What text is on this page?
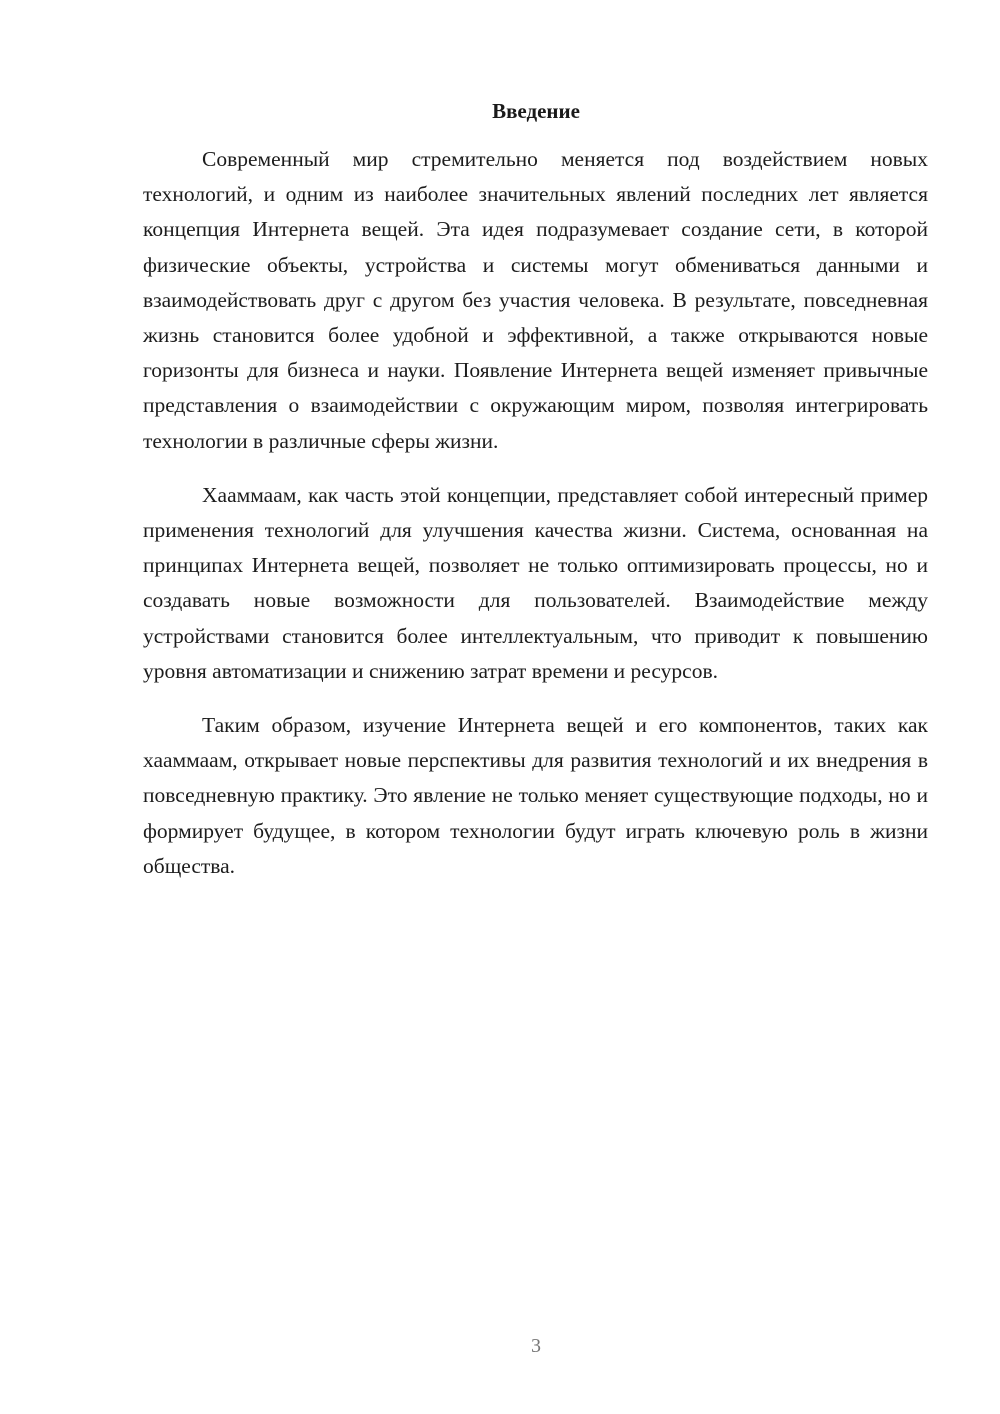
Введение

Современный мир стремительно меняется под воздействием новых технологий, и одним из наиболее значительных явлений последних лет является концепция Интернета вещей. Эта идея подразумевает создание сети, в которой физические объекты, устройства и системы могут обмениваться данными и взаимодействовать друг с другом без участия человека. В результате, повседневная жизнь становится более удобной и эффективной, а также открываются новые горизонты для бизнеса и науки. Появление Интернета вещей изменяет привычные представления о взаимодействии с окружающим миром, позволяя интегрировать технологии в различные сферы жизни.

Хааммаам, как часть этой концепции, представляет собой интересный пример применения технологий для улучшения качества жизни. Система, основанная на принципах Интернета вещей, позволяет не только оптимизировать процессы, но и создавать новые возможности для пользователей. Взаимодействие между устройствами становится более интеллектуальным, что приводит к повышению уровня автоматизации и снижению затрат времени и ресурсов.

Таким образом, изучение Интернета вещей и его компонентов, таких как хааммаам, открывает новые перспективы для развития технологий и их внедрения в повседневную практику. Это явление не только меняет существующие подходы, но и формирует будущее, в котором технологии будут играть ключевую роль в жизни общества.

3
